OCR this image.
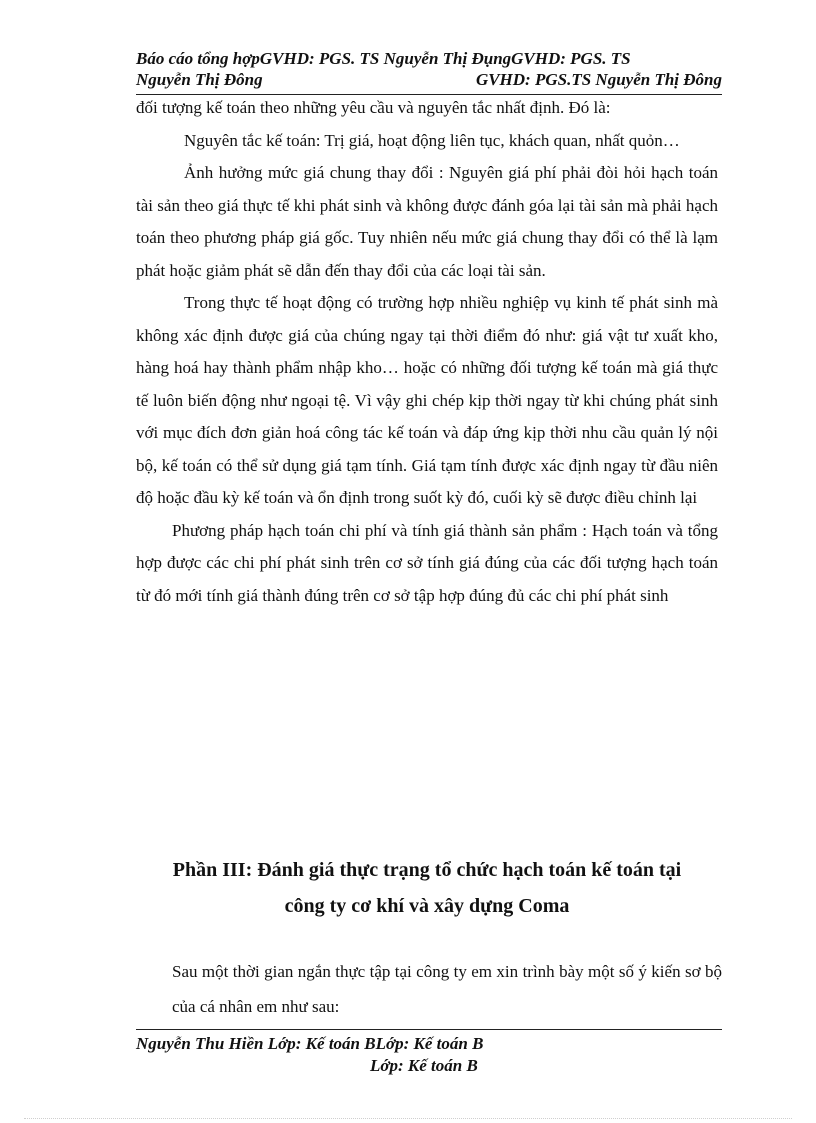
Báo cáo tổng hợpGVHD: PGS. TS Nguyễn Thị ĐụngGVHD: PGS. TS
Nguyễn Thị Đông	GVHD: PGS.TS Nguyễn Thị Đông

đối tượng kế toán theo những yêu cầu và nguyên tắc nhất định. Đó là:

Nguyên tắc kế toán: Trị giá, hoạt động liên tục, khách quan, nhất quỏn…

Ảnh hưởng mức giá chung thay đổi : Nguyên giá phí phải đòi hỏi hạch toán tài sản theo giá thực tế khi phát sinh và không được đánh góa lại tài sản mà phải hạch toán theo phương pháp giá gốc. Tuy nhiên nếu mức giá chung thay đổi có thể là lạm phát hoặc giảm phát sẽ dẫn đến thay đổi của các loại tài sản.

Trong thực tế hoạt động có trường hợp nhiều nghiệp vụ kinh tế phát sinh mà không xác định được giá của chúng ngay tại thời điểm đó như: giá vật tư xuất kho, hàng hoá hay thành phẩm nhập kho… hoặc có những đối tượng kế toán mà giá thực tế luôn biến động như ngoại tệ. Vì vậy ghi chép kịp thời ngay từ khi chúng phát sinh với mục đích đơn giản hoá công tác kế toán và đáp ứng kịp thời nhu cầu quản lý nội bộ, kế toán có thể sử dụng giá tạm tính. Giá tạm tính được xác định ngay từ đầu niên độ hoặc đầu kỳ kế toán và ổn định trong suốt kỳ đó, cuối kỳ sẽ được điều chỉnh lại

Phương pháp hạch toán chi phí và tính giá thành sản phẩm : Hạch toán và tổng hợp được các chi phí phát sinh trên cơ sở tính giá đúng của các đối tượng hạch toán từ đó mới tính giá thành đúng trên cơ sở tập hợp đúng đủ các chi phí phát sinh

Phần III: Đánh giá thực trạng tổ chức hạch toán kế toán tại
công ty cơ khí và xây dựng Coma

Sau một thời gian ngắn thực tập tại công ty em xin trình bày một số ý kiến sơ bộ của cá nhân em như sau:

Nguyễn Thu Hiền Lớp: Kế toán BLớp: Kế toán B
Lớp: Kế toán B
